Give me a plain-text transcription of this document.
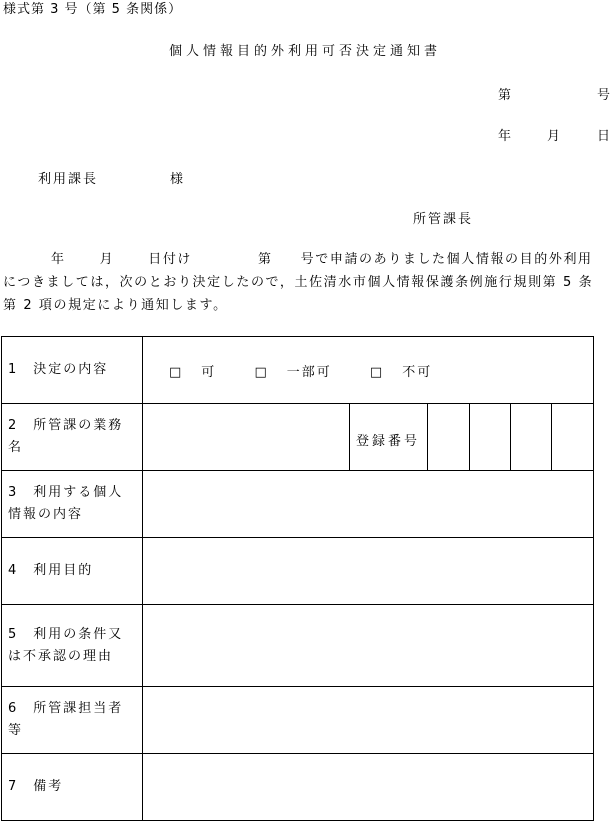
様式第 3 号（第 5 条関係）
個人情報目的外利用可否決定通知書
第	号
年	月	日
利用課長	様
所管課長

年	月	日付け	第 号で申請のありました個人情報の目的外利用につきましては，次のとおり決定したので，土佐清水市個人情報保護条例施行規則第 5 条第 2 項の規定により通知します。

1　決定の内容	□ 可 □ 一部可 □ 不可					
2　所管課の業務名		登録番号				
3　利用する個人情報の内容						
4　利用目的						
5　利用の条件又は不承認の理由						
6　所管課担当者等						
7　備考						
